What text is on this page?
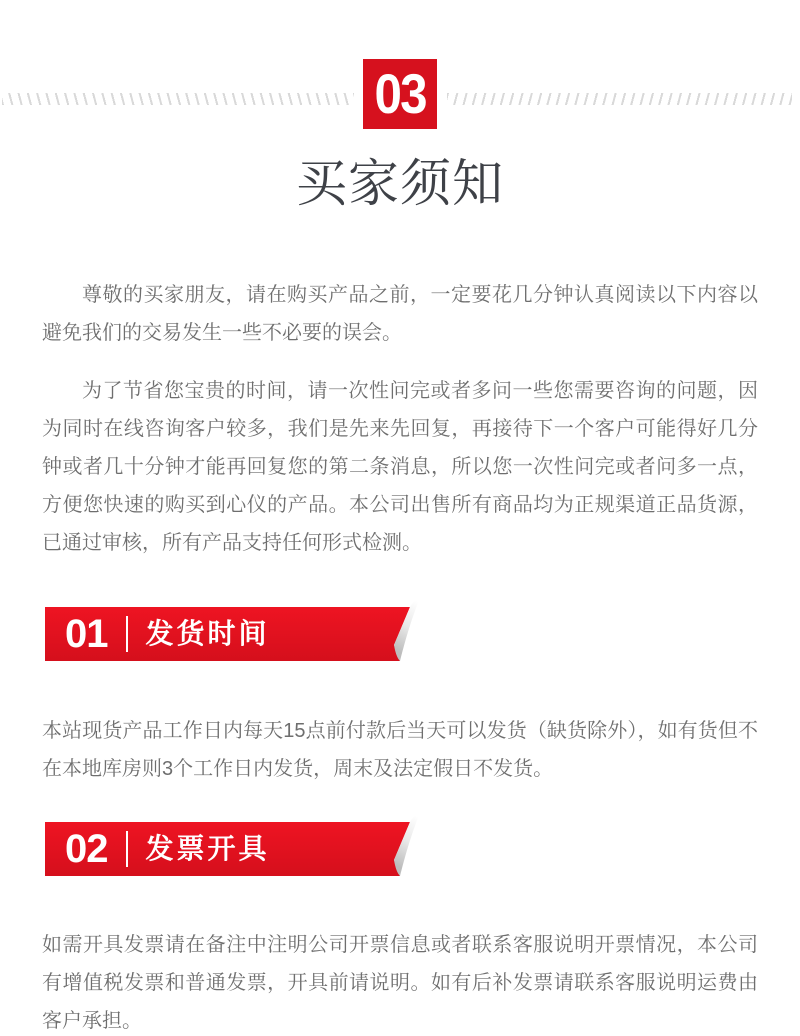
03
买家须知

尊敬的买家朋友，请在购买产品之前，一定要花几分钟认真阅读以下内容以避免我们的交易发生一些不必要的误会。

为了节省您宝贵的时间，请一次性问完或者多问一些您需要咨询的问题，因为同时在线咨询客户较多，我们是先来先回复，再接待下一个客户可能得好几分钟或者几十分钟才能再回复您的第二条消息，所以您一次性问完或者问多一点，方便您快速的购买到心仪的产品。本公司出售所有商品均为正规渠道正品货源，已通过审核，所有产品支持任何形式检测。

01 发货时间

本站现货产品工作日内每天15点前付款后当天可以发货（缺货除外），如有货但不在本地库房则3个工作日内发货，周末及法定假日不发货。

02 发票开具

如需开具发票请在备注中注明公司开票信息或者联系客服说明开票情况，本公司有增值税发票和普通发票，开具前请说明。如有后补发票请联系客服说明运费由客户承担。
